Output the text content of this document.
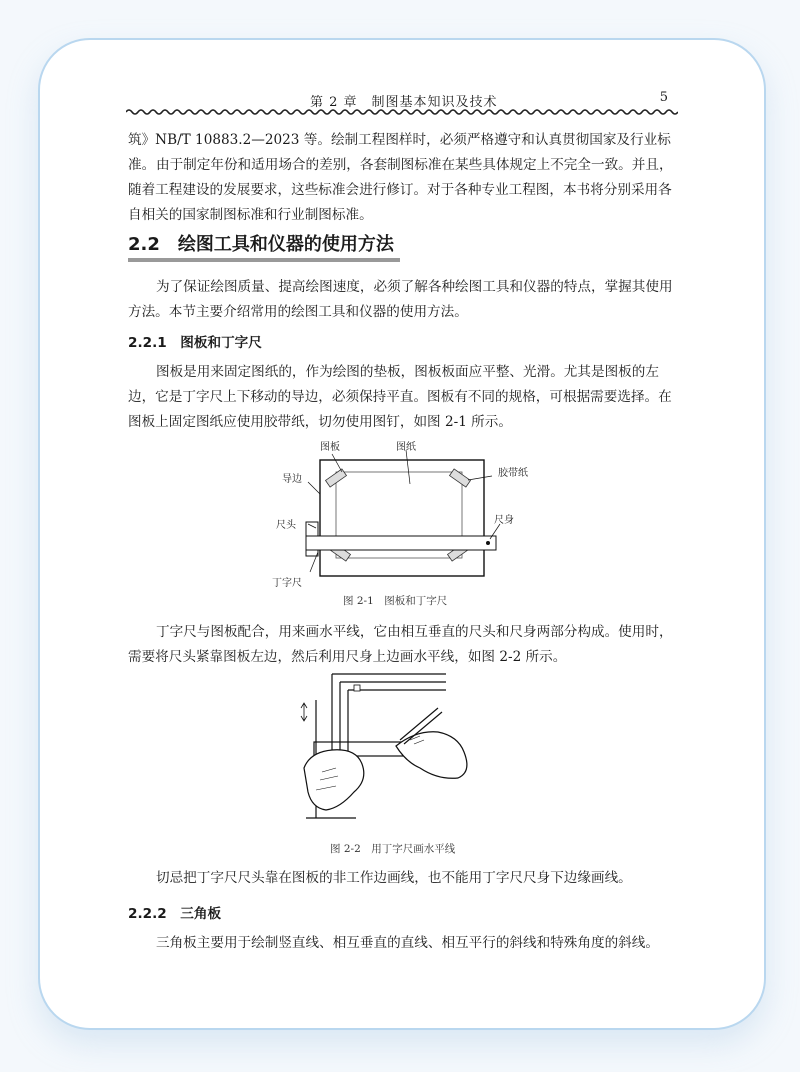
第 2 章　制图基本知识及技术	5

筑》NB/T 10883.2—2023 等。绘制工程图样时，必须严格遵守和认真贯彻国家及行业标准。 由于制定年份和适用场合的差别，各套制图标准在某些具体规定上不完全一致。并且，随着工程建设的发展要求，这些标准会进行修订。对于各种专业工程图，本书将分别采用各自相关的国家制图标准和行业制图标准。

2.2　绘图工具和仪器的使用方法

为了保证绘图质量、提高绘图速度，必须了解各种绘图工具和仪器的特点，掌握其使用方法。本节主要介绍常用的绘图工具和仪器的使用方法。

2.2.1　图板和丁字尺

图板是用来固定图纸的，作为绘图的垫板，图板板面应平整、光滑。尤其是图板的左边，它是丁字尺上下移动的导边，必须保持平直。图板有不同的规格，可根据需要选择。在图板上固定图纸应使用胶带纸，切勿使用图钉，如图 2-1 所示。

图板	图纸
导边
胶带纸
尺头	尺身
丁字尺
图 2-1　图板和丁字尺

丁字尺与图板配合，用来画水平线，它由相互垂直的尺头和尺身两部分构成。使用时，需要将尺头紧靠图板左边，然后利用尺身上边画水平线，如图 2-2 所示。

图 2-2　用丁字尺画水平线

切忌把丁字尺尺头靠在图板的非工作边画线，也不能用丁字尺尺身下边缘画线。

2.2.2　三角板

三角板主要用于绘制竖直线、相互垂直的直线、相互平行的斜线和特殊角度的斜线。
